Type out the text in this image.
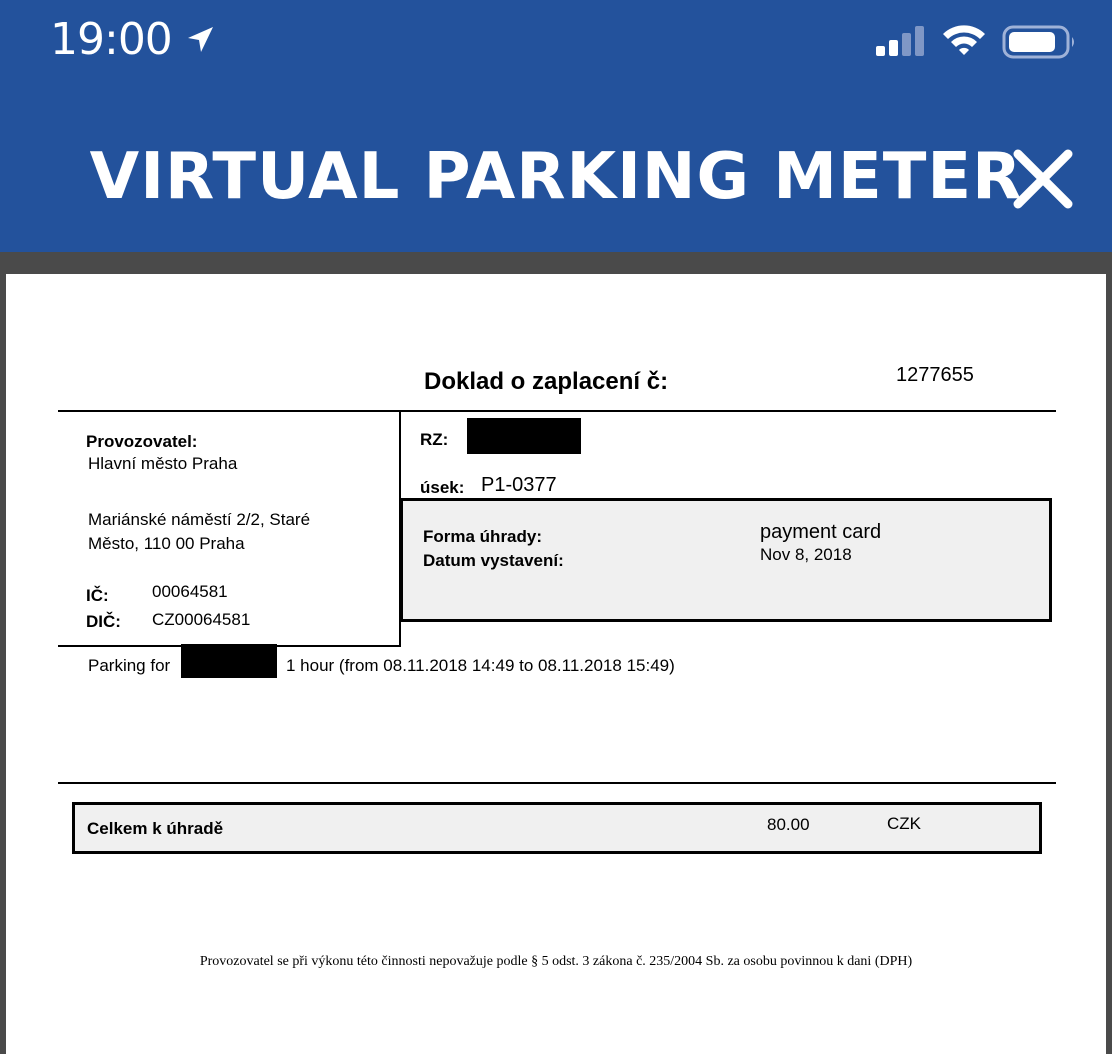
19:00
VIRTUAL PARKING METER
Doklad o zaplacení č:	1277655
Provozovatel:
Hlavní město Praha
Mariánské náměstí 2/2, Staré
Město, 110 00 Praha
IČ:	00064581
DIČ: CZ00064581
RZ:
úsek: P1-0377
Forma úhrady:	payment card
Datum vystavení:	Nov 8, 2018
Parking for	1 hour (from 08.11.2018 14:49 to 08.11.2018 15:49)
Celkem k úhradě	80.00	CZK
Provozovatel se při výkonu této činnosti nepovažuje podle § 5 odst. 3 zákona č. 235/2004 Sb. za osobu povinnou k dani (DPH)
